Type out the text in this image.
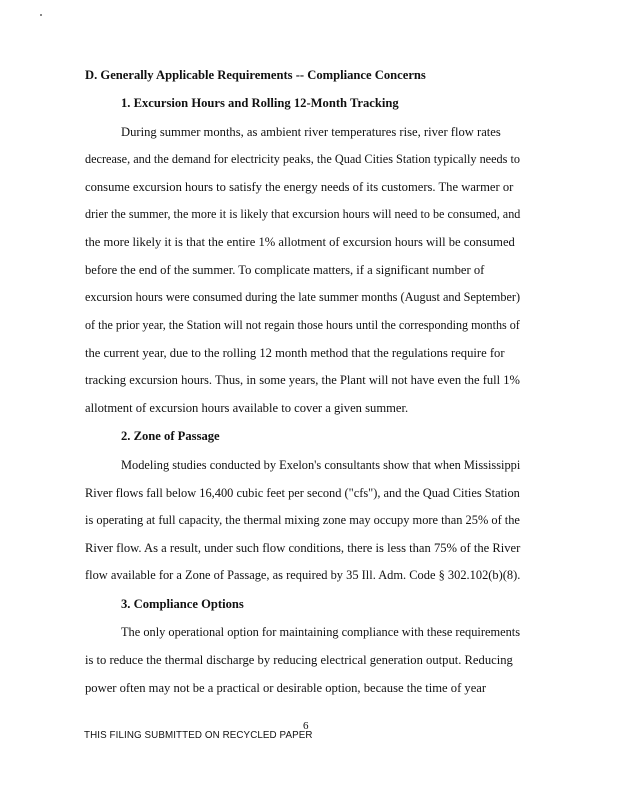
D. Generally Applicable Requirements -- Compliance Concerns
1. Excursion Hours and Rolling 12-Month Tracking
During summer months, as ambient river temperatures rise, river flow rates
decrease, and the demand for electricity peaks, the Quad Cities Station typically needs to
consume excursion hours to satisfy the energy needs of its customers. The warmer or
drier the summer, the more it is likely that excursion hours will need to be consumed, and
the more likely it is that the entire 1% allotment of excursion hours will be consumed
before the end of the summer. To complicate matters, if a significant number of
excursion hours were consumed during the late summer months (August and September)
of the prior year, the Station will not regain those hours until the corresponding months of
the current year, due to the rolling 12 month method that the regulations require for
tracking excursion hours. Thus, in some years, the Plant will not have even the full 1%
allotment of excursion hours available to cover a given summer.
2. Zone of Passage
Modeling studies conducted by Exelon's consultants show that when Mississippi
River flows fall below 16,400 cubic feet per second ("cfs"), and the Quad Cities Station
is operating at full capacity, the thermal mixing zone may occupy more than 25% of the
River flow. As a result, under such flow conditions, there is less than 75% of the River
flow available for a Zone of Passage, as required by 35 Ill. Adm. Code § 302.102(b)(8).
3. Compliance Options
The only operational option for maintaining compliance with these requirements
is to reduce the thermal discharge by reducing electrical generation output. Reducing
power often may not be a practical or desirable option, because the time of year
6
THIS FILING SUBMITTED ON RECYCLED PAPER
